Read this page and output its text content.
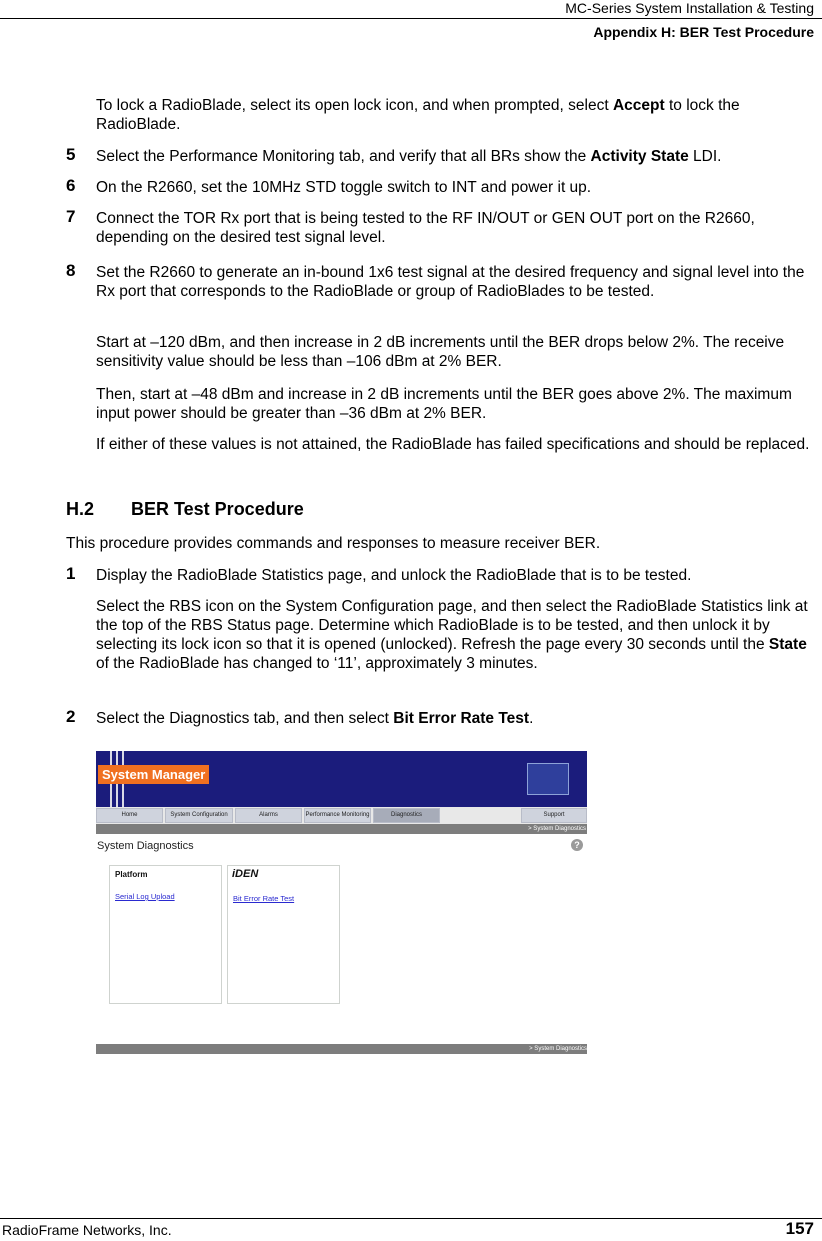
MC-Series System Installation & Testing
Appendix H: BER Test Procedure
To lock a RadioBlade, select its open lock icon, and when prompted, select Accept to lock the RadioBlade.
5 Select the Performance Monitoring tab, and verify that all BRs show the Activity State LDI.
6 On the R2660, set the 10MHz STD toggle switch to INT and power it up.
7 Connect the TOR Rx port that is being tested to the RF IN/OUT or GEN OUT port on the R2660, depending on the desired test signal level.
8 Set the R2660 to generate an in-bound 1x6 test signal at the desired frequency and signal level into the Rx port that corresponds to the RadioBlade or group of RadioBlades to be tested.
Start at –120 dBm, and then increase in 2 dB increments until the BER drops below 2%. The receive sensitivity value should be less than –106 dBm at 2% BER.
Then, start at –48 dBm and increase in 2 dB increments until the BER goes above 2%. The maximum input power should be greater than –36 dBm at 2% BER.
If either of these values is not attained, the RadioBlade has failed specifications and should be replaced.
H.2 BER Test Procedure
This procedure provides commands and responses to measure receiver BER.
1 Display the RadioBlade Statistics page, and unlock the RadioBlade that is to be tested.
Select the RBS icon on the System Configuration page, and then select the RadioBlade Statistics link at the top of the RBS Status page. Determine which RadioBlade is to be tested, and then unlock it by selecting its lock icon so that it is opened (unlocked). Refresh the page every 30 seconds until the State of the RadioBlade has changed to ‘11’, approximately 3 minutes.
2 Select the Diagnostics tab, and then select Bit Error Rate Test.
System Manager
Home	System Configuration	Alarms	Performance Monitoring	Diagnostics	Support
> System Diagnostics
System Diagnostics	?
Platform
Serial Log Upload
iDEN
Bit Error Rate Test
> System Diagnostics
RadioFrame Networks, Inc.	157
